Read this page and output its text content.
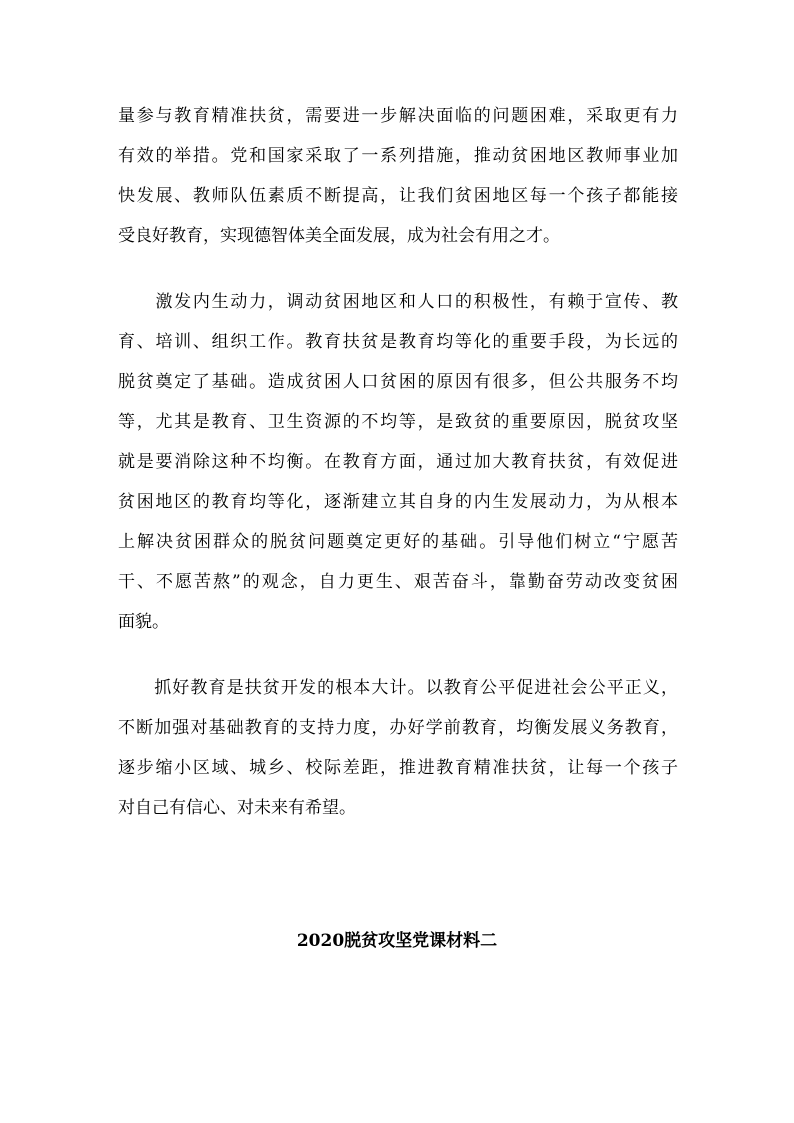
量参与教育精准扶贫，需要进一步解决面临的问题困难，采取更有力
有效的举措。党和国家采取了一系列措施，推动贫困地区教师事业加
快发展、教师队伍素质不断提高，让我们贫困地区每一个孩子都能接
受良好教育，实现德智体美全面发展，成为社会有用之才。
　　激发内生动力，调动贫困地区和人口的积极性，有赖于宣传、教
育、培训、组织工作。教育扶贫是教育均等化的重要手段，为长远的
脱贫奠定了基础。造成贫困人口贫困的原因有很多，但公共服务不均
等，尤其是教育、卫生资源的不均等，是致贫的重要原因，脱贫攻坚
就是要消除这种不均衡。在教育方面，通过加大教育扶贫，有效促进
贫困地区的教育均等化，逐渐建立其自身的内生发展动力，为从根本
上解决贫困群众的脱贫问题奠定更好的基础。引导他们树立“宁愿苦
干、不愿苦熬”的观念，自力更生、艰苦奋斗，靠勤奋劳动改变贫困
面貌。
　　抓好教育是扶贫开发的根本大计。以教育公平促进社会公平正义，
不断加强对基础教育的支持力度，办好学前教育，均衡发展义务教育，
逐步缩小区域、城乡、校际差距，推进教育精准扶贫，让每一个孩子
对自己有信心、对未来有希望。
2020脱贫攻坚党课材料二
